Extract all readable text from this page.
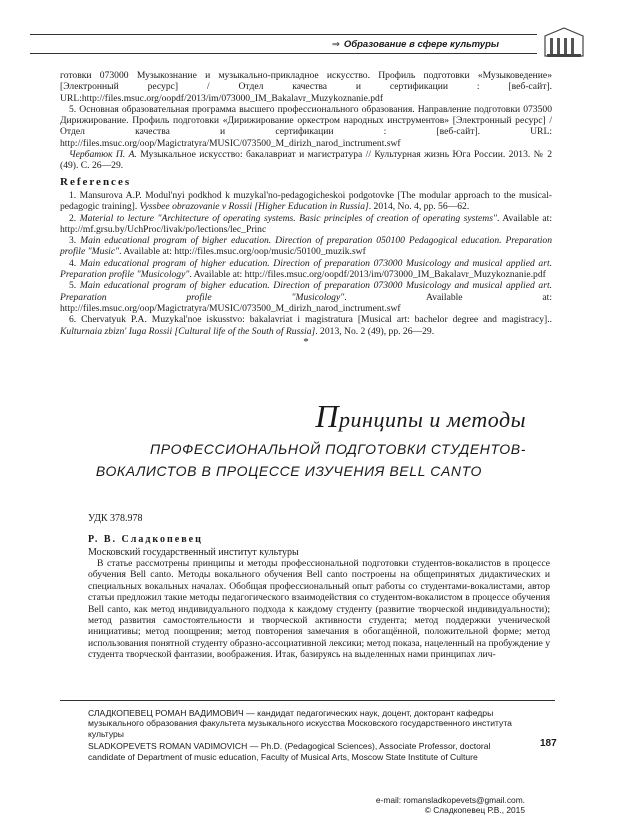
⇒ Образование в сфере культуры

готовки 073000 Музыкознание и музыкально-прикладное искусство. Профиль подготовки «Музыковедение» [Электронный ресурс] / Отдел качества и сертификации : [веб-сайт]. URL:http://files.msuc.org/oopdf/2013/im/073000_IM_Bakalavr_Muzykoznanie.pdf

5. Основная образовательная программа высшего профессионального образования. Направление подготовки 073500 Дирижирование. Профиль подготовки «Дирижирование оркестром народных инструментов» [Электронный ресурс] / Отдел качества и сертификации : [веб-сайт]. URL: http://files.msuc.org/oop/Magictratyra/MUSIC/073500_M_dirizh_narod_inctrument.swf

Чербатюк П. А. Музыкальное искусство: бакалавриат и магистратура // Культурная жизнь Юга России. 2013. № 2 (49). С. 26—29.

References

1. Mansurova A.P. Modul'nyi podkhod k muzykal'no-pedagogicheskoi podgotovke [The modular approach to the musical-pedagogic training]. Vyssbee obrazovanie v Rossii [Higher Education in Russia]. 2014, No. 4, pp. 56—62.

2. Material to lecture "Architecture of operating systems. Basic principles of creation of operating systems". Available at: http://mf.grsu.by/UchProc/livak/po/lections/lec_Princ

3. Main educational program of bigher education. Direction of preparation 050100 Pedagogical education. Preparation profile "Music". Available at: http://files.msuc.org/oop/music/50100_muzik.swf

4. Main educational program of higher education. Direction of preparation 073000 Musicology and musical applied art. Preparation profile "Musicology". Available at: http://files.msuc.org/oopdf/2013/im/073000_IM_Bakalavr_Muzykoznanie.pdf

5. Main educational program of bigher education. Direction of preparation 073000 Musicology and musical applied art. Preparation profile "Musicology". Available at: http://files.msuc.org/oop/Magictratyra/MUSIC/073500_M_dirizh_narod_inctrument.swf

6. Chervatyuk P.A. Muzykal'noe iskusstvo: bakalavriat i magistratura [Musical art: bachelor degree and magistracy].. Kulturnaia zbizn' Iuga Rossii [Cultural life of the South of Russia]. 2013, No. 2 (49), pp. 26—29.

*

Принципы и методы
ПРОФЕССИОНАЛЬНОЙ ПОДГОТОВКИ СТУДЕНТОВ-
ВОКАЛИСТОВ В ПРОЦЕССЕ ИЗУЧЕНИЯ BELL CANTO
УДК 378.978
Р. В. Сладкопевец
Московский государственный институт культуры

В статье рассмотрены принципы и методы профессиональной подготовки студентов-вокалистов в процессе обучения Bell canto. Методы вокального обучения Bell canto построены на общепринятых дидактических и специальных вокальных началах. Обобщая профессиональный опыт работы со студентами-вокалистами, автор статьи предложил такие методы педагогического взаимодействия со студентом-вокалистом в процессе обучения Bell canto, как метод индивидуального подхода к каждому студенту (развитие творческой индивидуальности); метод развития самостоятельности и творческой активности студента; метод поддержки ученической инициативы; метод поощрения; метод повторения замечания в обогащённой, положительной форме; метод использования понятной студенту образно-ассоциативной лексики; метод показа, нацеленный на пробуждение у студента творческой фантазии, воображения. Итак, базируясь на выделенных нами принципах лич-

СЛАДКОПЕВЕЦ РОМАН ВАДИМОВИЧ — кандидат педагогических наук, доцент, докторант кафедры музыкального образования факультета музыкального искусства Московского государственного института культуры

SLADKOPEVETS ROMAN VADIMOVICH — Ph.D. (Pedagogical Sciences), Associate Professor, doctoral candidate of Department of music education, Faculty of Musical Arts, Moscow State Institute of Culture

187
e-mail: romansladkopevets@gmail.com.
© Сладкопевец Р.В., 2015
